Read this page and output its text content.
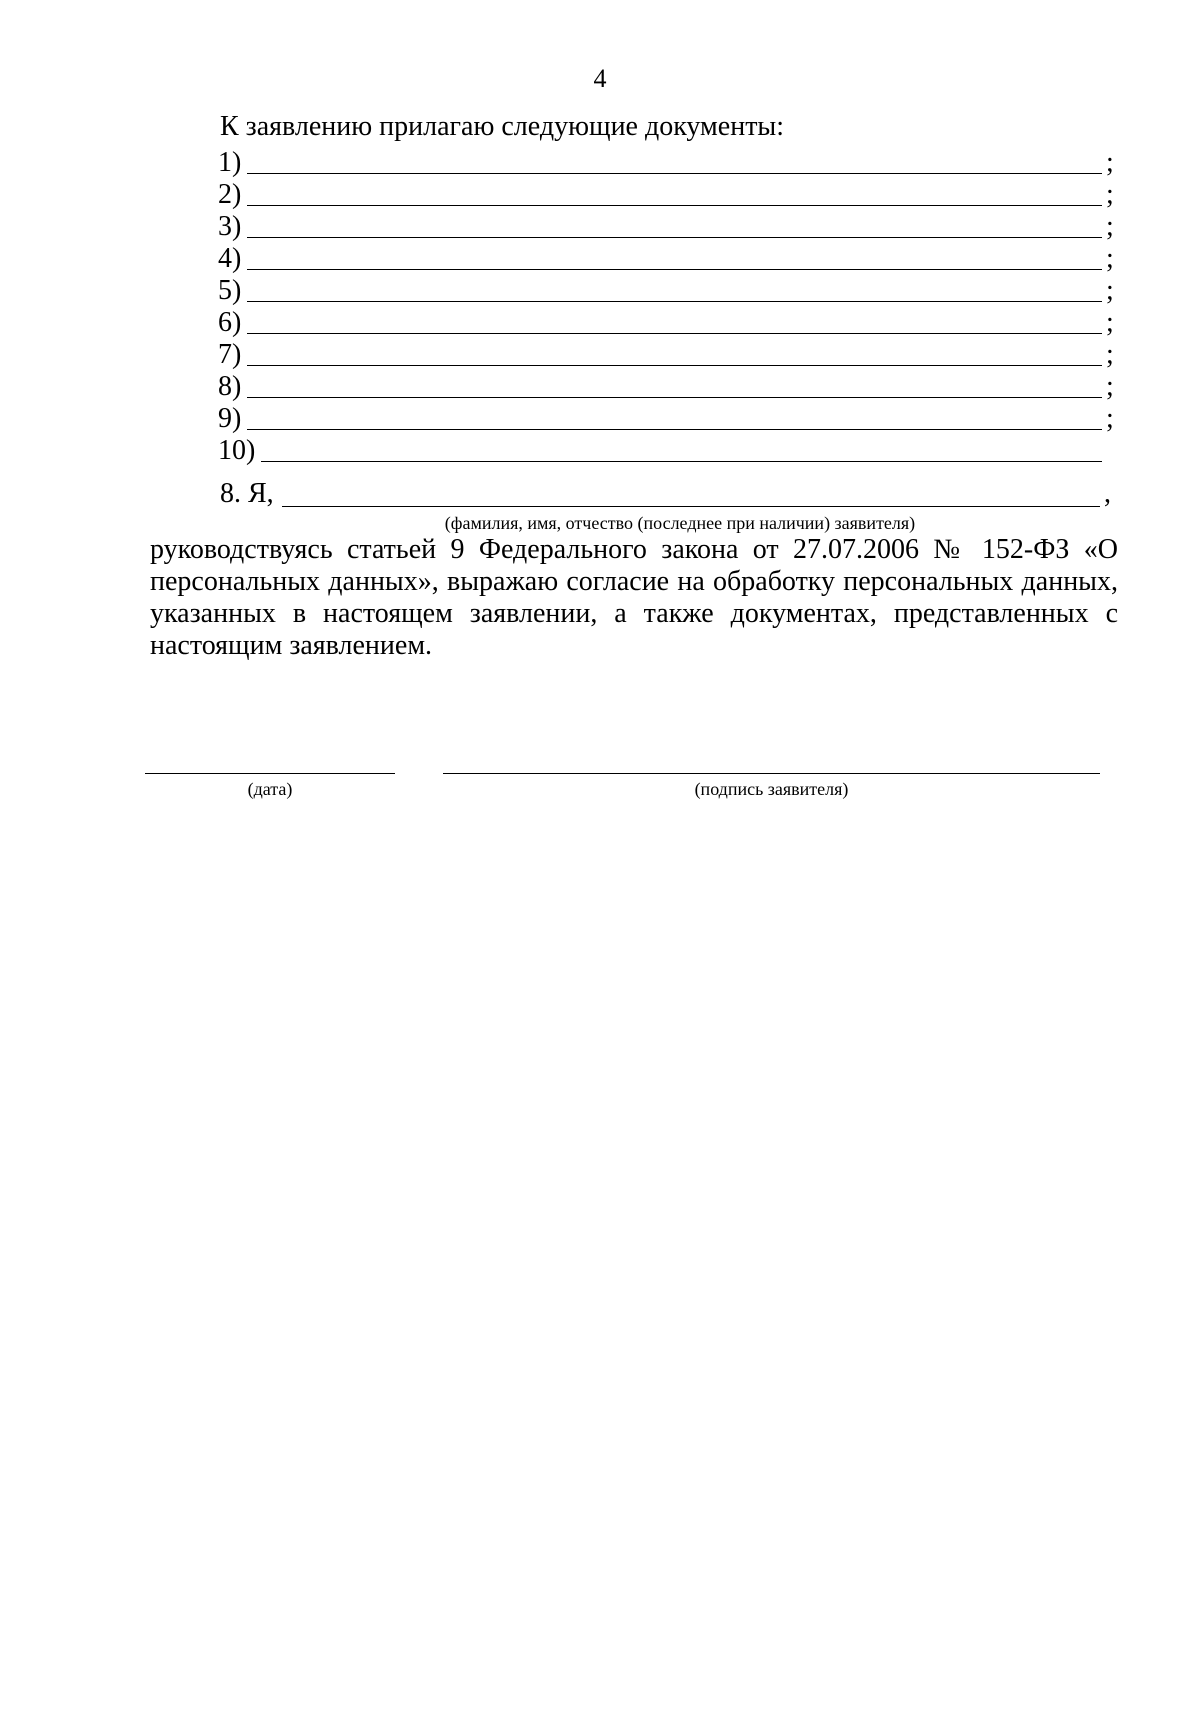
4
К заявлению прилагаю следующие документы:
1)	;
2)	;
3)	;
4)	;
5)	;
6)	;
7)	;
8)	;
9)	;
10)
8. Я,	,
(фамилия, имя, отчество (последнее при наличии) заявителя)
руководствуясь статьей 9 Федерального закона от 27.07.2006 № 152-ФЗ «О персональных данных», выражаю согласие на обработку персональных данных, указанных в настоящем заявлении, а также документах, представленных с настоящим заявлением.
(дата)	(подпись заявителя)
